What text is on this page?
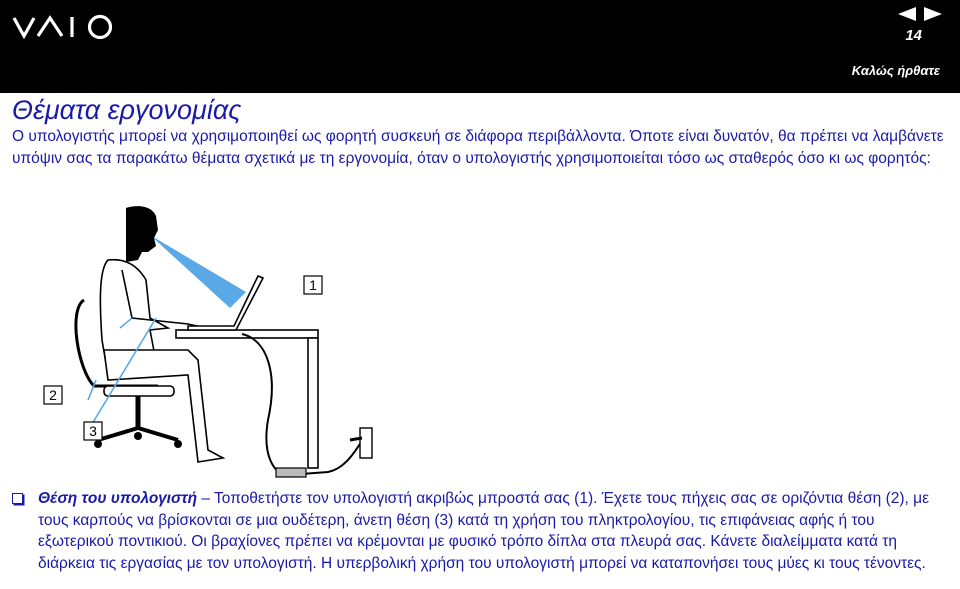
14
Καλώς ήρθατε
Θέματα εργονομίας

Ο υπολογιστής μπορεί να χρησιμοποιηθεί ως φορητή συσκευή σε διάφορα περιβάλλοντα. Όποτε είναι δυνατόν, θα πρέπει να λαμβάνετε υπόψιν σας τα παρακάτω θέματα σχετικά με τη εργονομία, όταν ο υπολογιστής χρησιμοποιείται τόσο ως σταθερός όσο κι ως φορητός:

1
2
3
Θέση του υπολογιστή – Τοποθετήστε τον υπολογιστή ακριβώς μπροστά σας (1). Έχετε τους πήχεις σας σε οριζόντια θέση (2), με τους καρπούς να βρίσκονται σε μια ουδέτερη, άνετη θέση (3) κατά τη χρήση του πληκτρολογίου, τις επιφάνειας αφής ή του εξωτερικού ποντικιού. Οι βραχίονες πρέπει να κρέμονται με φυσικό τρόπο δίπλα στα πλευρά σας. Κάνετε διαλείμματα κατά τη διάρκεια τις εργασίας με τον υπολογιστή. Η υπερβολική χρήση του υπολογιστή μπορεί να καταπονήσει τους μύες κι τους τένοντες.
